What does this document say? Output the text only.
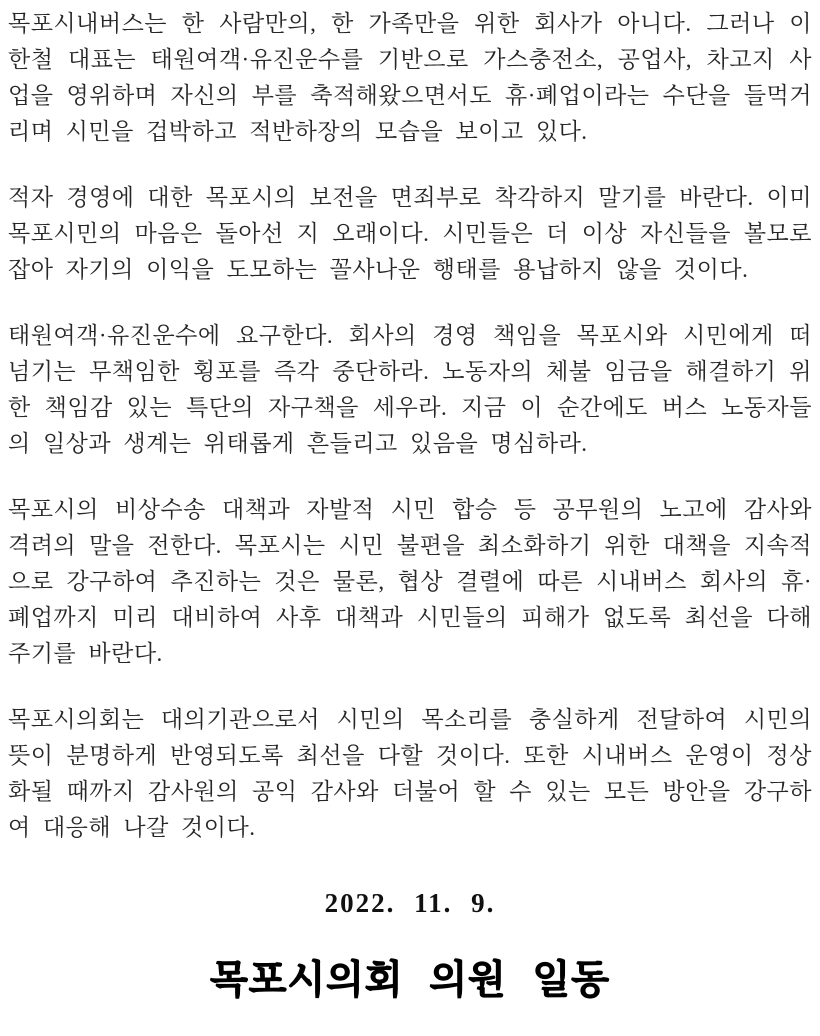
목포시내버스는 한 사람만의, 한 가족만을 위한 회사가 아니다. 그러나 이한철 대표는 태원여객·유진운수를 기반으로 가스충전소, 공업사, 차고지 사업을 영위하며 자신의 부를 축적해왔으면서도 휴·폐업이라는 수단을 들먹거리며 시민을 겁박하고 적반하장의 모습을 보이고 있다.

적자 경영에 대한 목포시의 보전을 면죄부로 착각하지 말기를 바란다. 이미 목포시민의 마음은 돌아선 지 오래이다. 시민들은 더 이상 자신들을 볼모로 잡아 자기의 이익을 도모하는 꼴사나운 행태를 용납하지 않을 것이다.

태원여객·유진운수에 요구한다. 회사의 경영 책임을 목포시와 시민에게 떠넘기는 무책임한 횡포를 즉각 중단하라. 노동자의 체불 임금을 해결하기 위한 책임감 있는 특단의 자구책을 세우라. 지금 이 순간에도 버스 노동자들의 일상과 생계는 위태롭게 흔들리고 있음을 명심하라.

목포시의 비상수송 대책과 자발적 시민 합승 등 공무원의 노고에 감사와 격려의 말을 전한다. 목포시는 시민 불편을 최소화하기 위한 대책을 지속적으로 강구하여 추진하는 것은 물론, 협상 결렬에 따른 시내버스 회사의 휴·폐업까지 미리 대비하여 사후 대책과 시민들의 피해가 없도록 최선을 다해주기를 바란다.

목포시의회는 대의기관으로서 시민의 목소리를 충실하게 전달하여 시민의 뜻이 분명하게 반영되도록 최선을 다할 것이다. 또한 시내버스 운영이 정상화될 때까지 감사원의 공익 감사와 더불어 할 수 있는 모든 방안을 강구하여 대응해 나갈 것이다.

2022. 11. 9.
목포시의회 의원 일동
